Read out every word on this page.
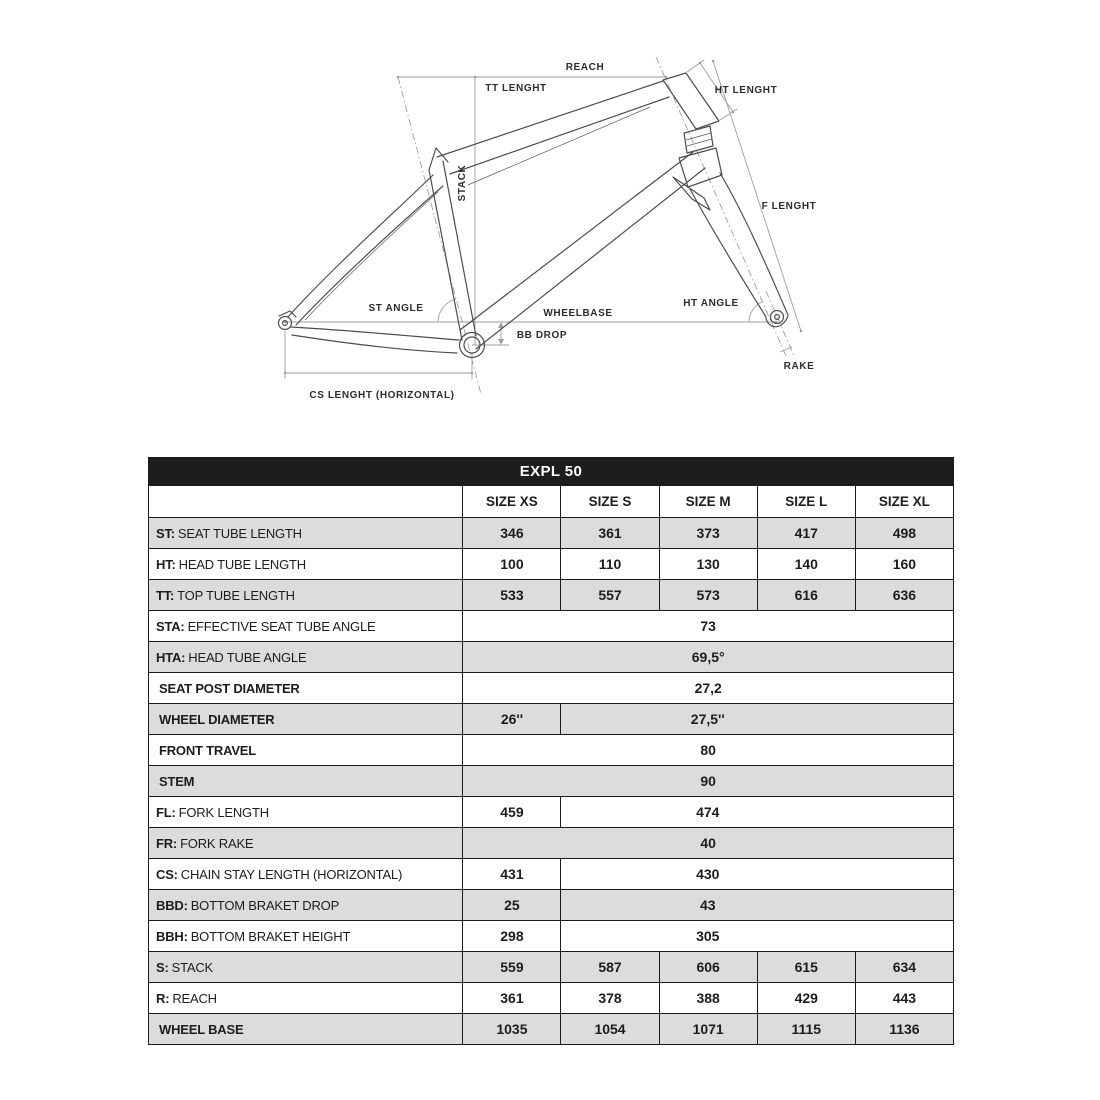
REACH
TT LENGHT	HT LENGHT
STACK
F LENGHT
ST ANGLE	WHEELBASE
BB DROP
HT ANGLE
RAKE
CS LENGHT (HORIZONTAL)
EXPL 50					
	SIZE XS	SIZE S	SIZE M	SIZE L	SIZE XL
ST: SEAT TUBE LENGTH	346	361	373	417	498
HT: HEAD TUBE LENGTH	100	110	130	140	160
TT: TOP TUBE LENGTH	533	557	573	616	636
STA: EFFECTIVE SEAT TUBE ANGLE	73				
HTA: HEAD TUBE ANGLE	69,5°				
SEAT POST DIAMETER	27,2				
WHEEL DIAMETER	26''	27,5''			
FRONT TRAVEL	80				
STEM	90				
FL: FORK LENGTH	459	474			
FR: FORK RAKE	40				
CS: CHAIN STAY LENGTH (HORIZONTAL)	431	430			
BBD: BOTTOM BRAKET DROP	25	43			
BBH: BOTTOM BRAKET HEIGHT	298	305			
S: STACK	559	587	606	615	634
R: REACH	361	378	388	429	443
WHEEL BASE	1035	1054	1071	1115	1136
